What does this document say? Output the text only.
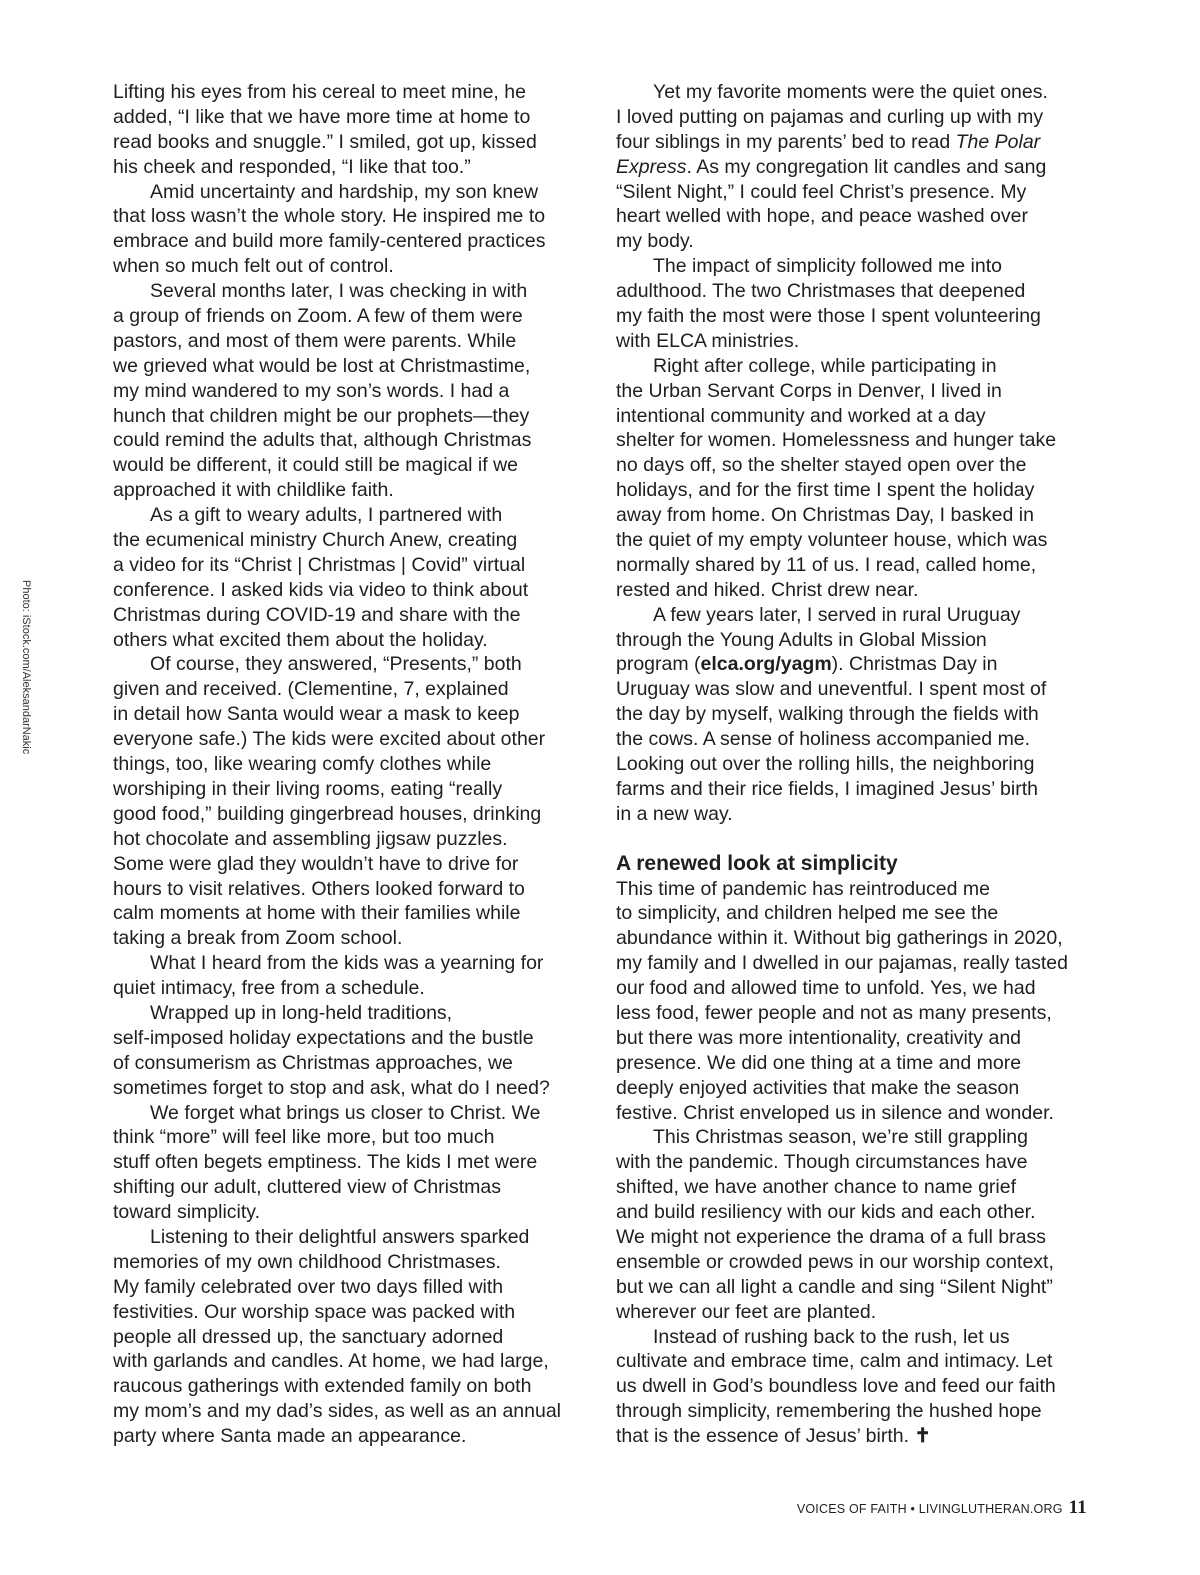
Photo: iStock.com/AleksandarNakic
Lifting his eyes from his cereal to meet mine, he
added, “I like that we have more time at home to
read books and snuggle.” I smiled, got up, kissed
his cheek and responded, “I like that too.”
Amid uncertainty and hardship, my son knew
that loss wasn’t the whole story. He inspired me to
embrace and build more family-centered practices
when so much felt out of control.
Several months later, I was checking in with
a group of friends on Zoom. A few of them were
pastors, and most of them were parents. While
we grieved what would be lost at Christmastime,
my mind wandered to my son’s words. I had a
hunch that children might be our prophets—they
could remind the adults that, although Christmas
would be different, it could still be magical if we
approached it with childlike faith.
As a gift to weary adults, I partnered with
the ecumenical ministry Church Anew, creating
a video for its “Christ | Christmas | Covid” virtual
conference. I asked kids via video to think about
Christmas during COVID-19 and share with the
others what excited them about the holiday.
Of course, they answered, “Presents,” both
given and received. (Clementine, 7, explained
in detail how Santa would wear a mask to keep
everyone safe.) The kids were excited about other
things, too, like wearing comfy clothes while
worshiping in their living rooms, eating “really
good food,” building gingerbread houses, drinking
hot chocolate and assembling jigsaw puzzles.
Some were glad they wouldn’t have to drive for
hours to visit relatives. Others looked forward to
calm moments at home with their families while
taking a break from Zoom school.
What I heard from the kids was a yearning for
quiet intimacy, free from a schedule.
Wrapped up in long-held traditions,
self-imposed holiday expectations and the bustle
of consumerism as Christmas approaches, we
sometimes forget to stop and ask, what do I need?
We forget what brings us closer to Christ. We
think “more” will feel like more, but too much
stuff often begets emptiness. The kids I met were
shifting our adult, cluttered view of Christmas
toward simplicity.
Listening to their delightful answers sparked
memories of my own childhood Christmases.
My family celebrated over two days filled with
festivities. Our worship space was packed with
people all dressed up, the sanctuary adorned
with garlands and candles. At home, we had large,
raucous gatherings with extended family on both
my mom’s and my dad’s sides, as well as an annual
party where Santa made an appearance.
Yet my favorite moments were the quiet ones.
I loved putting on pajamas and curling up with my
four siblings in my parents’ bed to read The Polar
Express. As my congregation lit candles and sang
“Silent Night,” I could feel Christ’s presence. My
heart welled with hope, and peace washed over
my body.
The impact of simplicity followed me into
adulthood. The two Christmases that deepened
my faith the most were those I spent volunteering
with ELCA ministries.
Right after college, while participating in
the Urban Servant Corps in Denver, I lived in
intentional community and worked at a day
shelter for women. Homelessness and hunger take
no days off, so the shelter stayed open over the
holidays, and for the first time I spent the holiday
away from home. On Christmas Day, I basked in
the quiet of my empty volunteer house, which was
normally shared by 11 of us. I read, called home,
rested and hiked. Christ drew near.
A few years later, I served in rural Uruguay
through the Young Adults in Global Mission
program (elca.org/yagm). Christmas Day in
Uruguay was slow and uneventful. I spent most of
the day by myself, walking through the fields with
the cows. A sense of holiness accompanied me.
Looking out over the rolling hills, the neighboring
farms and their rice fields, I imagined Jesus’ birth
in a new way.
A renewed look at simplicity
This time of pandemic has reintroduced me
to simplicity, and children helped me see the
abundance within it. Without big gatherings in 2020,
my family and I dwelled in our pajamas, really tasted
our food and allowed time to unfold. Yes, we had
less food, fewer people and not as many presents,
but there was more intentionality, creativity and
presence. We did one thing at a time and more
deeply enjoyed activities that make the season
festive. Christ enveloped us in silence and wonder.
This Christmas season, we’re still grappling
with the pandemic. Though circumstances have
shifted, we have another chance to name grief
and build resiliency with our kids and each other.
We might not experience the drama of a full brass
ensemble or crowded pews in our worship context,
but we can all light a candle and sing “Silent Night”
wherever our feet are planted.
Instead of rushing back to the rush, let us
cultivate and embrace time, calm and intimacy. Let
us dwell in God’s boundless love and feed our faith
through simplicity, remembering the hushed hope
that is the essence of Jesus’ birth. ✝
VOICES OF FAITH • LIVINGLUTHERAN.ORG 11
